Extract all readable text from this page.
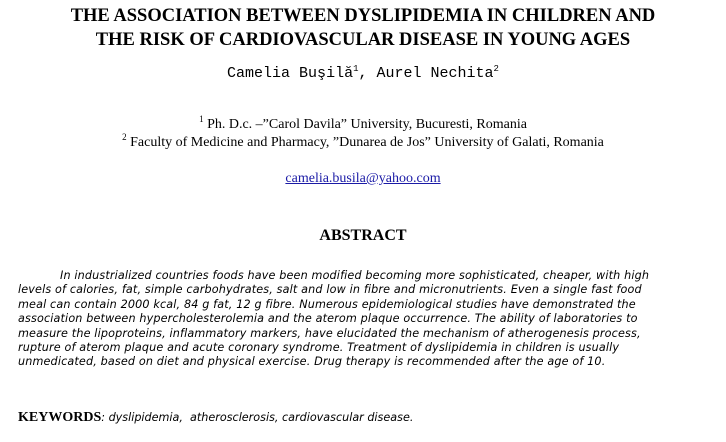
THE ASSOCIATION BETWEEN DYSLIPIDEMIA IN CHILDREN AND
THE RISK OF CARDIOVASCULAR DISEASE IN YOUNG AGES
Camelia Buşilă$^1$, Aurel Nechita$^2$
$^1$ Ph. D.c. –”Carol Davila” University, Bucuresti, Romania
$^2$ Faculty of Medicine and Pharmacy, ”Dunarea de Jos” University of Galati, Romania
camelia.busila@yahoo.com
ABSTRACT
In industrialized countries foods have been modified becoming more sophisticated, cheaper, with high
levels of calories, fat, simple carbohydrates, salt and low in fibre and micronutrients. Even a single fast food
meal can contain 2000 kcal, 84 g fat, 12 g fibre. Numerous epidemiological studies have demonstrated the
association between hypercholesterolemia and the aterom plaque occurrence. The ability of laboratories to
measure the lipoproteins, inflammatory markers, have elucidated the mechanism of atherogenesis process,
rupture of aterom plaque and acute coronary syndrome. Treatment of dyslipidemia in children is usually
unmedicated, based on diet and physical exercise. Drug therapy is recommended after the age of 10.
KEYWORDS: dyslipidemia,  atherosclerosis, cardiovascular disease.
